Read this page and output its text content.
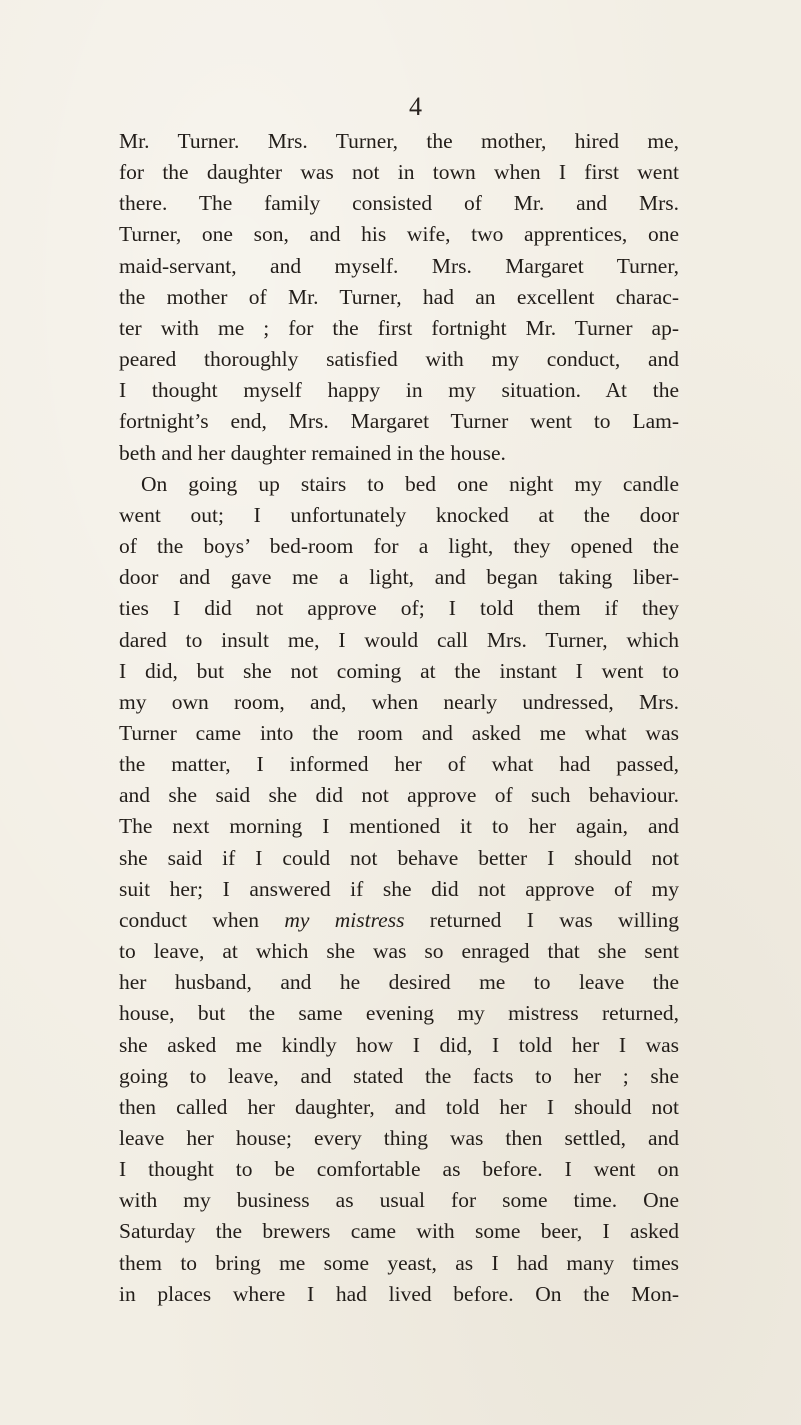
4
Mr. Turner. Mrs. Turner, the mother, hired me,
for the daughter was not in town when I first went
there. The family consisted of Mr. and Mrs.
Turner, one son, and his wife, two apprentices, one
maid-servant, and myself. Mrs. Margaret Turner,
the mother of Mr. Turner, had an excellent charac-
ter with me ; for the first fortnight Mr. Turner ap-
peared thoroughly satisfied with my conduct, and
I thought myself happy in my situation. At the
fortnight’s end, Mrs. Margaret Turner went to Lam-
beth and her daughter remained in the house.
On going up stairs to bed one night my candle
went out; I unfortunately knocked at the door
of the boys’ bed-room for a light, they opened the
door and gave me a light, and began taking liber-
ties I did not approve of; I told them if they
dared to insult me, I would call Mrs. Turner, which
I did, but she not coming at the instant I went to
my own room, and, when nearly undressed, Mrs.
Turner came into the room and asked me what was
the matter, I informed her of what had passed,
and she said she did not approve of such behaviour.
The next morning I mentioned it to her again, and
she said if I could not behave better I should not
suit her; I answered if she did not approve of my
conduct when my mistress returned I was willing
to leave, at which she was so enraged that she sent
her husband, and he desired me to leave the
house, but the same evening my mistress returned,
she asked me kindly how I did, I told her I was
going to leave, and stated the facts to her ; she
then called her daughter, and told her I should not
leave her house; every thing was then settled, and
I thought to be comfortable as before. I went on
with my business as usual for some time. One
Saturday the brewers came with some beer, I asked
them to bring me some yeast, as I had many times
in places where I had lived before. On the Mon-
